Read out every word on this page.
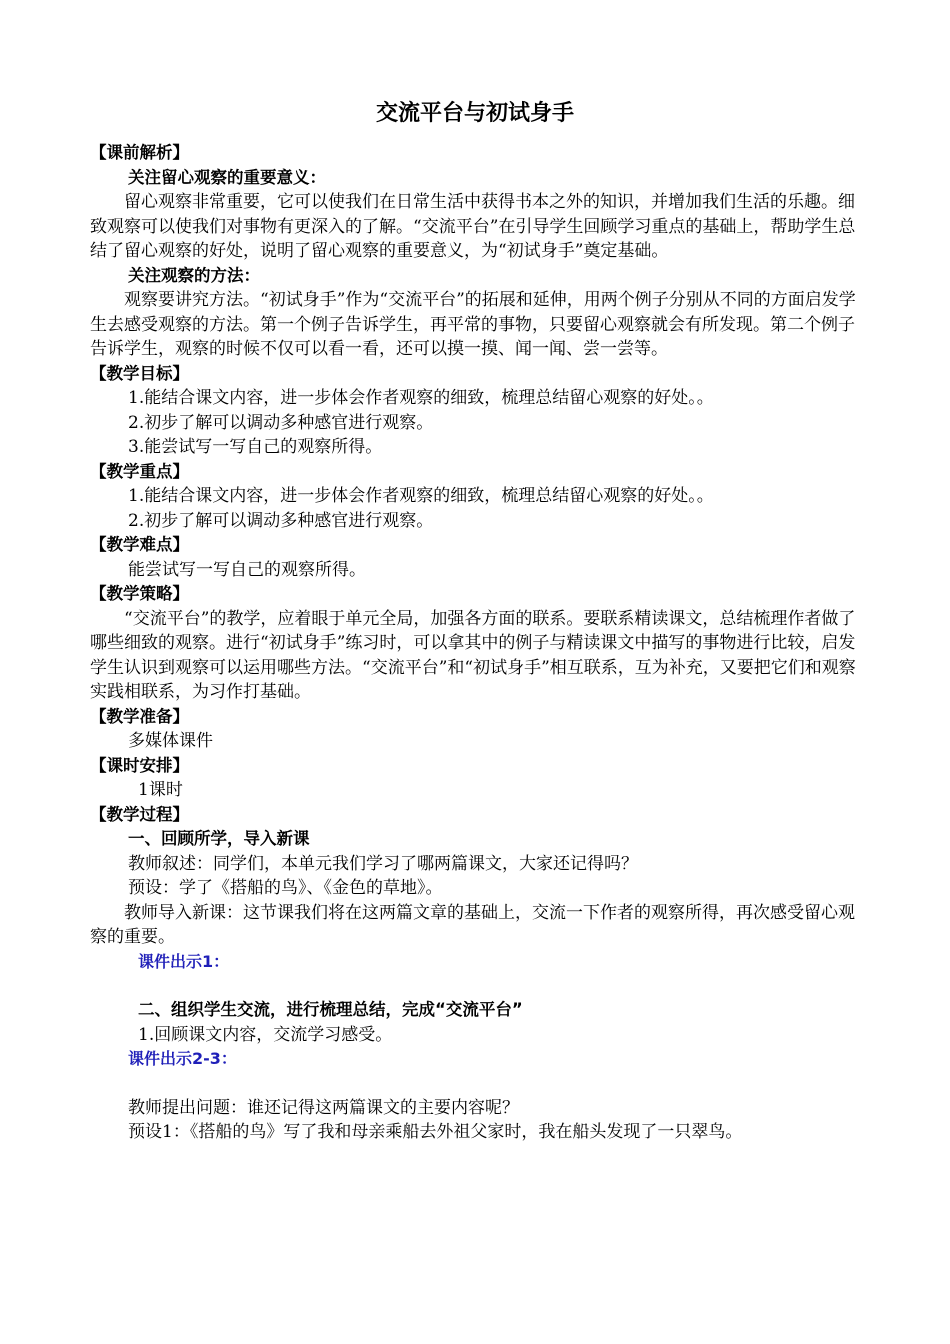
交流平台与初试身手
【课前解析】
关注留心观察的重要意义：
留心观察非常重要，它可以使我们在日常生活中获得书本之外的知识，并增加我们生活的乐趣。细致观察可以使我们对事物有更深入的了解。“交流平台”在引导学生回顾学习重点的基础上，帮助学生总结了留心观察的好处，说明了留心观察的重要意义，为“初试身手”奠定基础。
关注观察的方法：
观察要讲究方法。“初试身手”作为“交流平台”的拓展和延伸，用两个例子分别从不同的方面启发学生去感受观察的方法。第一个例子告诉学生，再平常的事物，只要留心观察就会有所发现。第二个例子告诉学生，观察的时候不仅可以看一看，还可以摸一摸、闻一闻、尝一尝等。
【教学目标】
1.能结合课文内容，进一步体会作者观察的细致，梳理总结留心观察的好处。。
2.初步了解可以调动多种感官进行观察。
3.能尝试写一写自己的观察所得。
【教学重点】
1.能结合课文内容，进一步体会作者观察的细致，梳理总结留心观察的好处。。
2.初步了解可以调动多种感官进行观察。
【教学难点】
能尝试写一写自己的观察所得。
【教学策略】
“交流平台”的教学，应着眼于单元全局，加强各方面的联系。要联系精读课文，总结梳理作者做了哪些细致的观察。进行“初试身手”练习时，可以拿其中的例子与精读课文中描写的事物进行比较，启发学生认识到观察可以运用哪些方法。“交流平台”和“初试身手”相互联系，互为补充，又要把它们和观察实践相联系，为习作打基础。
【教学准备】
多媒体课件
【课时安排】
1课时
【教学过程】
一、回顾所学，导入新课
教师叙述：同学们，本单元我们学习了哪两篇课文，大家还记得吗？
预设：学了《搭船的鸟》、《金色的草地》。
教师导入新课：这节课我们将在这两篇文章的基础上，交流一下作者的观察所得，再次感受留心观察的重要。
课件出示1：
二、组织学生交流，进行梳理总结，完成“交流平台”
1.回顾课文内容，交流学习感受。
课件出示2-3：
教师提出问题：谁还记得这两篇课文的主要内容呢？
预设1：《搭船的鸟》写了我和母亲乘船去外祖父家时，我在船头发现了一只翠鸟。
